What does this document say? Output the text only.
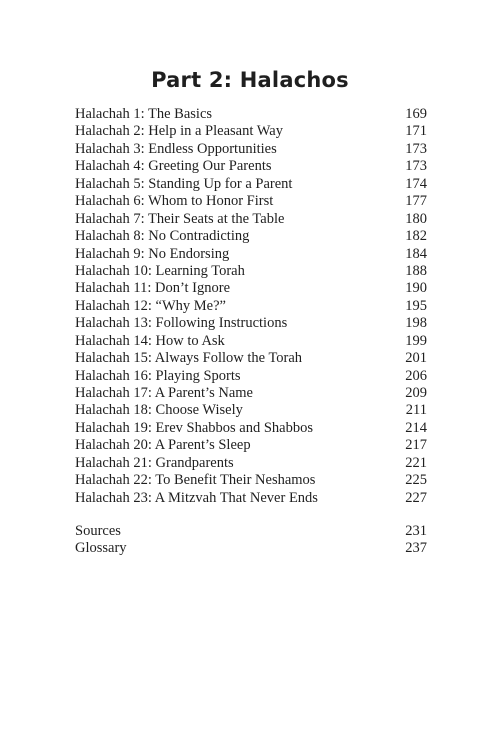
Part 2: Halachos
Halachah 1: The Basics	169
Halachah 2: Help in a Pleasant Way	171
Halachah 3: Endless Opportunities	173
Halachah 4: Greeting Our Parents	173
Halachah 5: Standing Up for a Parent	174
Halachah 6: Whom to Honor First	177
Halachah 7: Their Seats at the Table	180
Halachah 8: No Contradicting	182
Halachah 9: No Endorsing	184
Halachah 10: Learning Torah	188
Halachah 11: Don’t Ignore	190
Halachah 12: “Why Me?”	195
Halachah 13: Following Instructions	198
Halachah 14: How to Ask	199
Halachah 15: Always Follow the Torah	201
Halachah 16: Playing Sports	206
Halachah 17: A Parent’s Name	209
Halachah 18: Choose Wisely	211
Halachah 19: Erev Shabbos and Shabbos	214
Halachah 20: A Parent’s Sleep	217
Halachah 21: Grandparents	221
Halachah 22: To Benefit Their Neshamos	225
Halachah 23: A Mitzvah That Never Ends	227
Sources	231
Glossary	237
